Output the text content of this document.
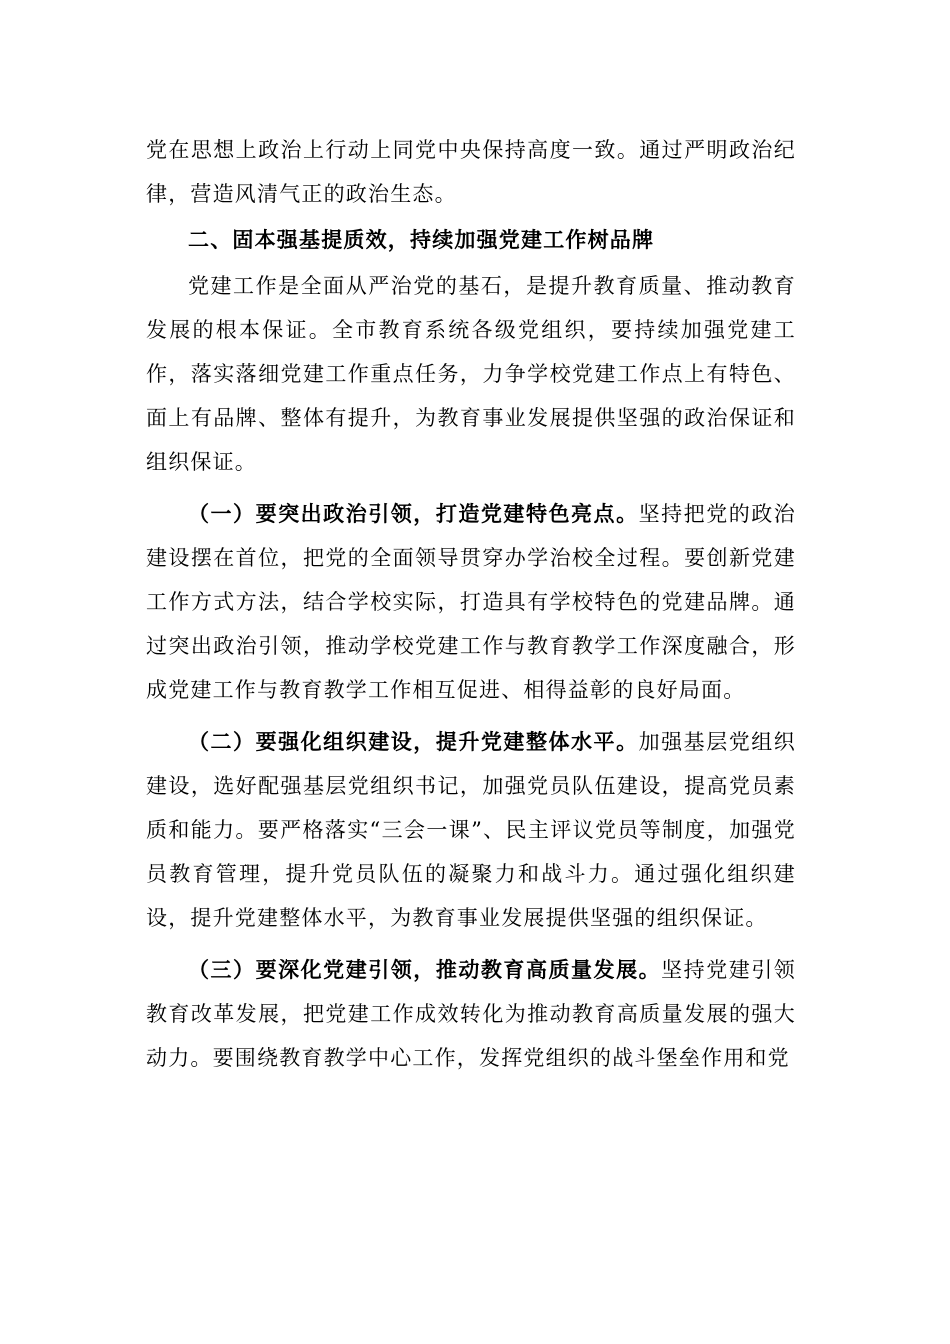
党在思想上政治上行动上同党中央保持高度一致。通过严明政治纪律，营造风清气正的政治生态。

二、固本强基提质效，持续加强党建工作树品牌

党建工作是全面从严治党的基石，是提升教育质量、推动教育发展的根本保证。全市教育系统各级党组织，要持续加强党建工作，落实落细党建工作重点任务，力争学校党建工作点上有特色、面上有品牌、整体有提升，为教育事业发展提供坚强的政治保证和组织保证。

（一）要突出政治引领，打造党建特色亮点。坚持把党的政治建设摆在首位，把党的全面领导贯穿办学治校全过程。要创新党建工作方式方法，结合学校实际，打造具有学校特色的党建品牌。通过突出政治引领，推动学校党建工作与教育教学工作深度融合，形成党建工作与教育教学工作相互促进、相得益彰的良好局面。

（二）要强化组织建设，提升党建整体水平。加强基层党组织建设，选好配强基层党组织书记，加强党员队伍建设，提高党员素质和能力。要严格落实“三会一课”、民主评议党员等制度，加强党员教育管理，提升党员队伍的凝聚力和战斗力。通过强化组织建设，提升党建整体水平，为教育事业发展提供坚强的组织保证。

（三）要深化党建引领，推动教育高质量发展。坚持党建引领教育改革发展，把党建工作成效转化为推动教育高质量发展的强大动力。要围绕教育教学中心工作，发挥党组织的战斗堡垒作用和党
